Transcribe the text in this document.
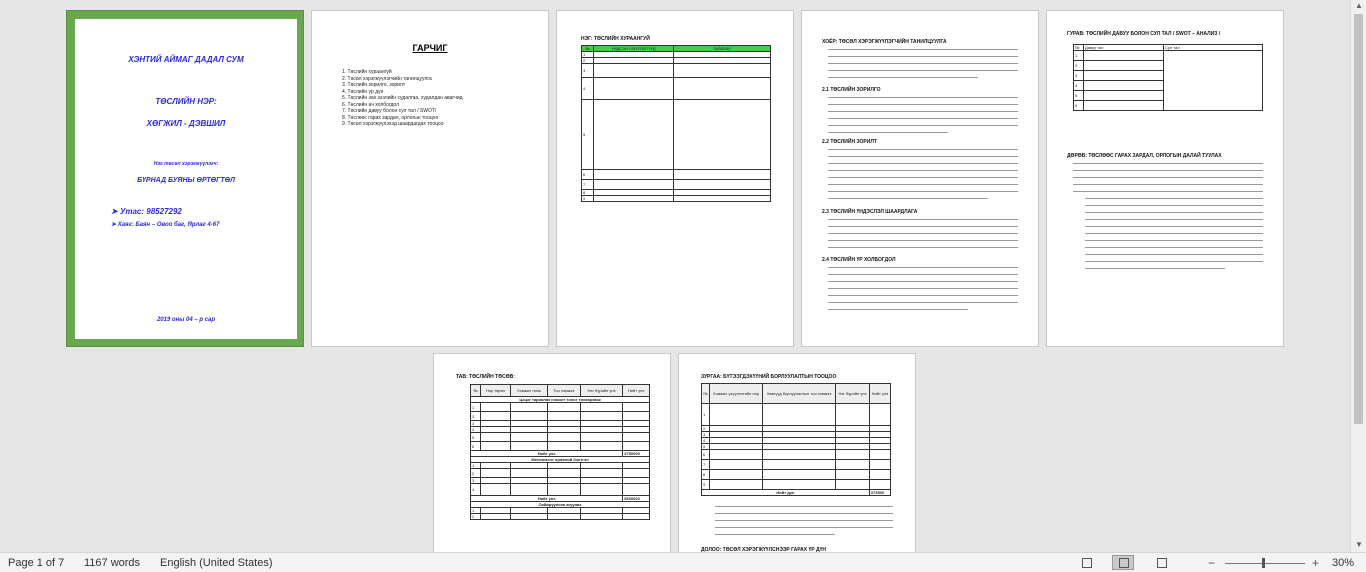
ХЭНТИЙ АЙМАГ ДАДАЛ СУМ
ТӨСЛИЙН НЭР:
ХӨГЖИЛ - ДЭВШИЛ
Нэг төсөл хэрэгжүүлэгч:
БҮРНАД БУЯНЫ ӨРТӨГТӨЛ
➤ Утас: 98527292
➤ Хаяг: Баян – Овоо баг, Ярлаг 4-67
2019 оны 04 – р сар
ГАРЧИГ
1. Төслийн хураангуй
2. Төсөл хэрэгжүүлэгчийн танилцуулга
3. Төслийн зорилго, зорилт
4. Төслийн үр дүн
5. Төслийн зах зээлийн судалгаа, худалдан авагчид
6. Төслийн ач холбогдол
7. Төслийн давуу болон сул тал / SWOT/
8. Төслөөс гарах зардал, орлогын тооцоо
9. Төсөл хэрэгжүүлэхэд шаардагдах тооцоо
НЭГ: ТӨСЛИЙН ХУРААНГУЙ
№	ҮНДСЭН ҮЗҮҮЛЭЛТҮҮД	ТАЙЛБАР
1		
2		
3		
4		
5		
6		
7		
8		
9		
ХОЁР: ТӨСӨЛ ХЭРЭГЖҮҮЛЭГЧИЙН ТАНИЛЦУУЛГА
2.1 ТӨСЛИЙН ЗОРИЛГО
2.2 ТӨСЛИЙН ЗОРИЛТ
2.3 ТӨСЛИЙН ҮНДЭСЛЭЛ ШААРДЛАГА
2.4 ТӨСЛИЙН ҮР ХОЛБОГДОЛ
ГУРАВ: ТӨСЛИЙН ДАВУУ БОЛОН СУЛ ТАЛ / SWOT – АНАЛИЗ /
№	Давуу тал	Сул тал
1		
2		
3		
4		
5		
6		
ДӨРӨВ: ТӨСЛӨӨС ГАРАХ ЗАРДАЛ, ОРЛОГЫН ДАЛАЙ ТУУЛАХ
ТАВ: ТӨСЛИЙН ТӨСӨВ:
№	Нэр төрөл	Хэмжих нэгж	Тоо хэмжээ	Нэг бүрийн үнэ	Нийт үнэ
Цэцэг тариалах нэмэлт тоног төхөөрөмж					
1					
2					
3					
4					
5					
6					
Нийт үнэ					3750000
Менежмент өрөөний бэлтгэл					
1					
2					
3					
4					
Нийт үнэ					5600000
Сайжруулсан агуулах					
1					
2					
ЗУРГАА: БҮТЭЭГДЭХҮҮНИЙ БОРЛУУЛАЛТЫН ТООЦОО
№	Хэмжих үзүүлэлтийн нэр	Хөвгүүд борлуулалтын тоо хэмжээ	Нэг бүрийн үнэ	Нийт үнэ
1				
2				
3				
4				
5				
6				
7				
8				
9				
Нийт дүн				373500
ДОЛОО: ТӨСӨЛ ХЭРЭГЖҮҮЛСНЭЭР ГАРАХ ҮР ДҮН
▲
▼
Page 1 of 7 1167 words English (United States)	−	+ 30%
